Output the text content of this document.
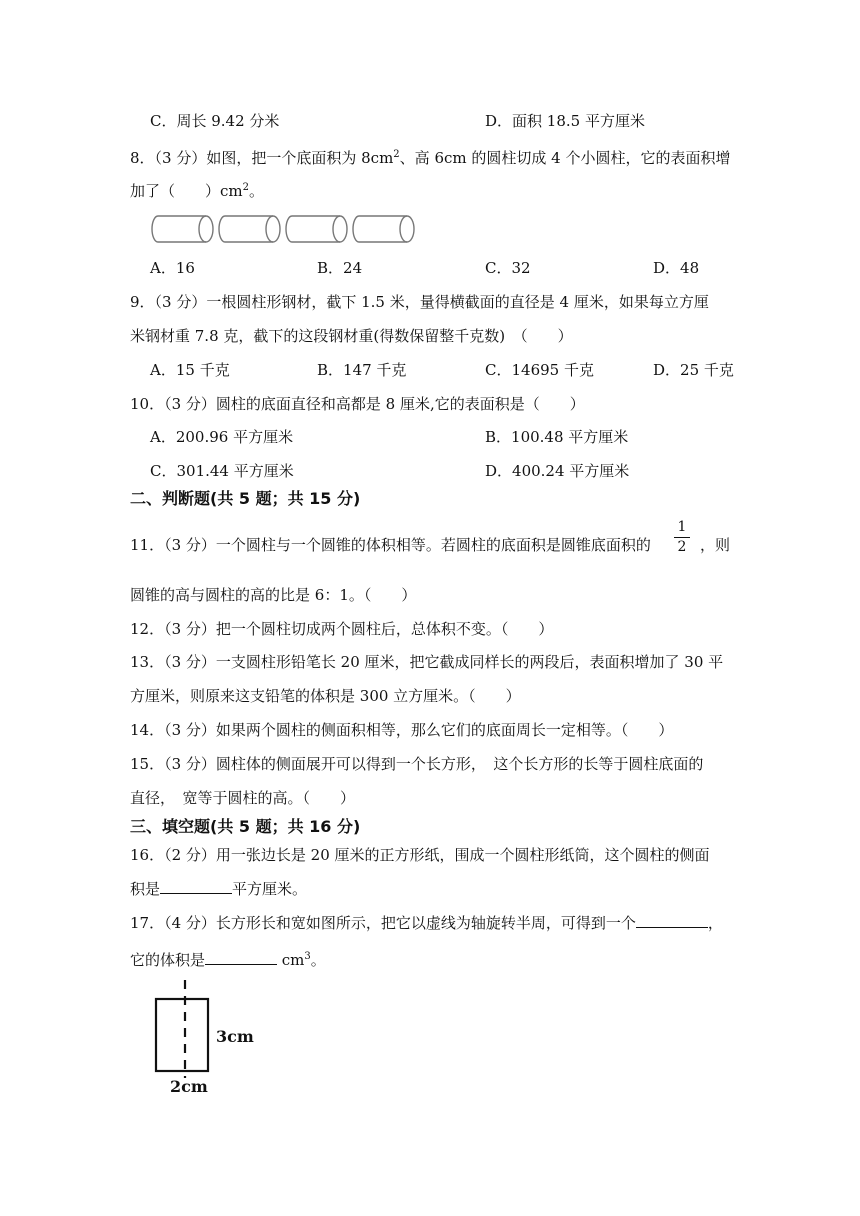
C．周长 9.42 分米	D．面积 18.5 平方厘米
8．（3 分）如图，把一个底面积为 $8cm^2$、高 6cm 的圆柱切成 4 个小圆柱，它的表面积增
加了（　　）$cm^2$。
A．16	B．24	C．32	D．48
9．（3 分）一根圆柱形钢材，截下 1.5 米，量得横截面的直径是 4 厘米，如果每立方厘
米钢材重 7.8 克，截下的这段钢材重(得数保留整千克数)　（　　）
A．15 千克	B．147 千克	C．14695 千克	D．25 千克
10．（3 分）圆柱的底面直径和高都是 8 厘米,它的表面积是（　　）
A．200.96 平方厘米	B．100.48 平方厘米
C．301.44 平方厘米	D．400.24 平方厘米
二、判断题(共 5 题；共 15 分)
11．（3 分）一个圆柱与一个圆锥的体积相等。若圆柱的底面积是圆锥底面积的
1
2 ，则
圆锥的高与圆柱的高的比是 6：1。（　　）
12．（3 分）把一个圆柱切成两个圆柱后，总体积不变。（　　）
13．（3 分）一支圆柱形铅笔长 20 厘米，把它截成同样长的两段后，表面积增加了 30 平
方厘米，则原来这支铅笔的体积是 300 立方厘米。（　　）
14．（3 分）如果两个圆柱的侧面积相等，那么它们的底面周长一定相等。（　　）
15．（3 分）圆柱体的侧面展开可以得到一个长方形，　这个长方形的长等于圆柱底面的
直径，　宽等于圆柱的高。（　　）
三、填空题(共 5 题；共 16 分)
16．（2 分）用一张边长是 20 厘米的正方形纸，围成一个圆柱形纸筒，这个圆柱的侧面
积是	平方厘米。
17．（4 分）长方形长和宽如图所示，把它以虚线为轴旋转半周，可得到一个	，
它的体积是	$cm^3$。
3cm
2cm
